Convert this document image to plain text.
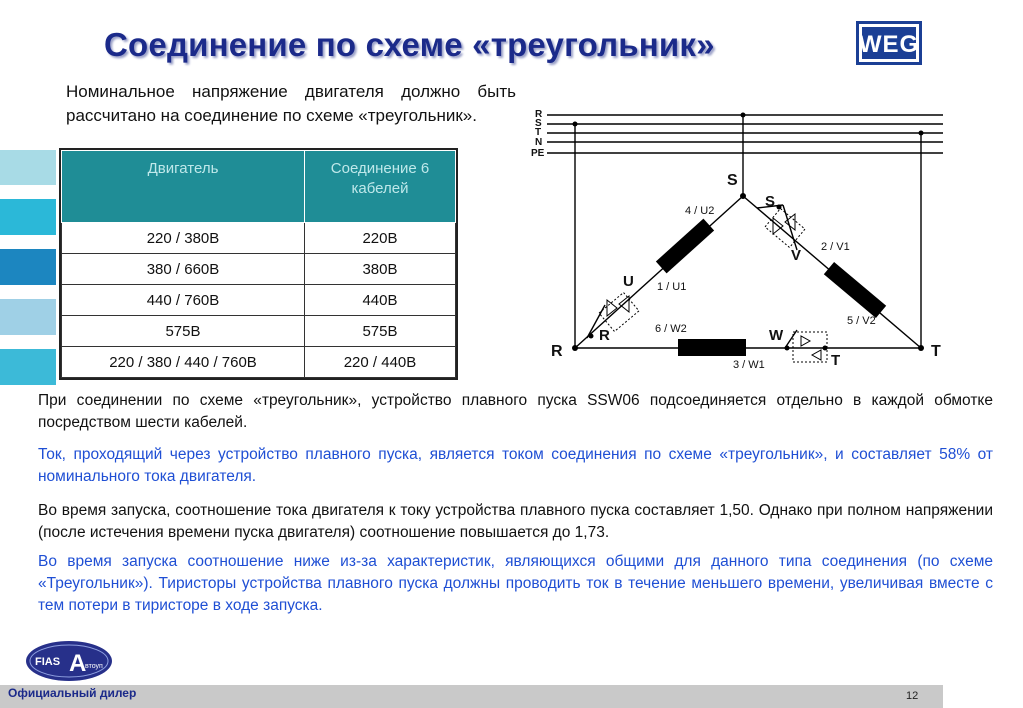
Соединение по схеме «треугольник»	WEG
Номинальное напряжение двигателя должно быть рассчитано на соединение по схеме «треугольник».
Двигатель	Соединение 6 кабелей
220 / 380В	220В
380 / 660В	380В
440 / 760В	440В
575В	575В
220 / 380 / 440 / 760В	220 / 440В
R
S
T
N
PE
S
R	T
S
V
U
R	W
T
4 / U2
1 / U1
2 / V1
5 / V2
6 / W2
3 / W1
При соединении по схеме «треугольник», устройство плавного пуска SSW06 подсоединяется отдельно в каждой обмотке посредством шести кабелей.
Ток, проходящий через устройство плавного пуска, является током соединения по схеме «треугольник», и составляет 58% от номинального тока двигателя.
Во время запуска, соотношение тока двигателя к току устройства плавного пуска составляет 1,50. Однако при полном напряжении (после истечения времени пуска двигателя) соотношение повышается до 1,73.
Во время запуска соотношение ниже из-за характеристик, являющихся общими для данного типа соединения (по схеме «Треугольник»). Тиристоры устройства плавного пуска должны проводить ток в течение меньшего времени, увеличивая вместе с тем потери в тиристоре в ходе запуска.
FIAS A
втоуп
Официальный дилер	12
